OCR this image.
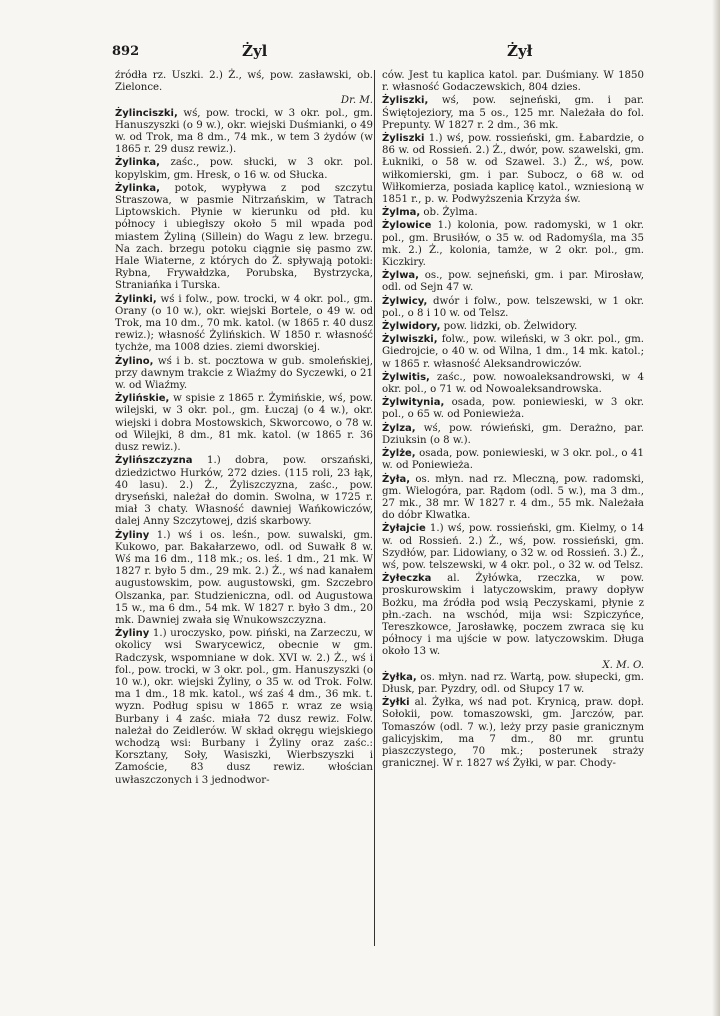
892	Żyl	Żył
źródła rz. Uszki. 2.) Ż., wś, pow. zasławski, ob. Zielonce.
Dr. M.
Żylinciszki, wś, pow. trocki, w 3 okr. pol., gm. Hanuszyszki (o 9 w.), okr. wiejski Duśmianki, o 49 w. od Trok, ma 8 dm., 74 mk., w tem 3 żydów (w 1865 r. 29 dusz rewiz.).
Żylinka, zaśc., pow. słucki, w 3 okr. pol. kopylskim, gm. Hresk, o 16 w. od Słucka.
Żylinka, potok, wypływa z pod szczytu Straszowa, w pasmie Nitrzańskim, w Tatrach Liptowskich. Płynie w kierunku od płd. ku północy i ubiegłszy około 5 mil wpada pod miastem Żyliną (Sillein) do Wagu z lew. brzegu. Na zach. brzegu potoku ciągnie się pasmo zw. Hale Wiaterne, z których do Ż. spływają potoki: Rybna, Frywałdzka, Porubska, Bystrzycka, Straniańka i Turska.
Żylinki, wś i folw., pow. trocki, w 4 okr. pol., gm. Orany (o 10 w.), okr. wiejski Bortele, o 49 w. od Trok, ma 10 dm., 70 mk. katol. (w 1865 r. 40 dusz rewiz.); własność Żylińskich. W 1850 r. własność tychże, ma 1008 dzies. ziemi dworskiej.
Żylino, wś i b. st. pocztowa w gub. smoleńskiej, przy dawnym trakcie z Wiaźmy do Syczewki, o 21 w. od Wiaźmy.
Żylińskie, w spisie z 1865 r. Żymińskie, wś, pow. wilejski, w 3 okr. pol., gm. Łuczaj (o 4 w.), okr. wiejski i dobra Mostowskich, Skworcowo, o 78 w. od Wilejki, 8 dm., 81 mk. katol. (w 1865 r. 36 dusz rewiz.).
Żylińszczyzna 1.) dobra, pow. orszański, dziedzictwo Hurków, 272 dzies. (115 roli, 23 łąk, 40 lasu). 2.) Ż., Żyliszczyzna, zaśc., pow. dryseński, należał do domin. Swolna, w 1725 r. miał 3 chaty. Własność dawniej Wańkowiczów, dalej Anny Szczytowej, dziś skarbowy.
Żyliny 1.) wś i os. leśn., pow. suwalski, gm. Kukowo, par. Bakałarzewo, odl. od Suwałk 8 w. Wś ma 16 dm., 118 mk.; os. leś. 1 dm., 21 mk. W 1827 r. było 5 dm., 29 mk. 2.) Ż., wś nad kanałem augustowskim, pow. augustowski, gm. Szczebro Olszanka, par. Studzieniczna, odl. od Augustowa 15 w., ma 6 dm., 54 mk. W 1827 r. było 3 dm., 20 mk. Dawniej zwała się Wnukowszczyzna.
Żyliny 1.) uroczysko, pow. piński, na Zarzeczu, w okolicy wsi Swarycewicz, obecnie w gm. Radczysk, wspomniane w dok. XVI w. 2.) Ż., wś i fol., pow. trocki, w 3 okr. pol., gm. Hanuszyszki (o 10 w.), okr. wiejski Żyliny, o 35 w. od Trok. Folw. ma 1 dm., 18 mk. katol., wś zaś 4 dm., 36 mk. t. wyzn. Podług spisu w 1865 r. wraz ze wsią Burbany i 4 zaśc. miała 72 dusz rewiz. Folw. należał do Zeidlerów. W skład okręgu wiejskiego wchodzą wsi: Burbany i Żyliny oraz zaśc.: Korsztany, Soły, Wasiszki, Wierbszyszki i Zamoście, 83 dusz rewiz. włościan uwłaszczonych i 3 jednodwor-
ców. Jest tu kaplica katol. par. Duśmiany. W 1850 r. własność Godaczewskich, 804 dzies.
Żyliszki, wś, pow. sejneński, gm. i par. Świętojeziory, ma 5 os., 125 mr. Należała do fol. Prepunty. W 1827 r. 2 dm., 36 mk.
Żyliszki 1.) wś, pow. rossieński, gm. Łabardzie, o 86 w. od Rossień. 2.) Ż., dwór, pow. szawelski, gm. Łukniki, o 58 w. od Szawel. 3.) Ż., wś, pow. wiłkomierski, gm. i par. Subocz, o 68 w. od Wiłkomierza, posiada kaplicę katol., wzniesioną w 1851 r., p. w. Podwyższenia Krzyża św.
Żylma, ob. Żylma.
Żylowice 1.) kolonia, pow. radomyski, w 1 okr. pol., gm. Brusiłów, o 35 w. od Radomyśla, ma 35 mk. 2.) Ż., kolonia, tamże, w 2 okr. pol., gm. Kiczkiry.
Żylwa, os., pow. sejneński, gm. i par. Mirosław, odl. od Sejn 47 w.
Żylwicy, dwór i folw., pow. telszewski, w 1 okr. pol., o 8 i 10 w. od Telsz.
Żylwidory, pow. lidzki, ob. Żelwidory.
Żylwiszki, folw., pow. wileński, w 3 okr. pol., gm. Giedrojcie, o 40 w. od Wilna, 1 dm., 14 mk. katol.; w 1865 r. własność Aleksandrowiczów.
Żylwitis, zaśc., pow. nowoaleksandrowski, w 4 okr. pol., o 71 w. od Nowoaleksandrowska.
Żylwitynia, osada, pow. poniewieski, w 3 okr. pol., o 65 w. od Poniewieża.
Żylza, wś, pow. rówieński, gm. Derażno, par. Dziuksin (o 8 w.).
Żylże, osada, pow. poniewieski, w 3 okr. pol., o 41 w. od Poniewieża.
Żyła, os. młyn. nad rz. Mleczną, pow. radomski, gm. Wielogóra, par. Rądom (odl. 5 w.), ma 3 dm., 27 mk., 38 mr. W 1827 r. 4 dm., 55 mk. Należała do dóbr Klwatka.
Żyłajcie 1.) wś, pow. rossieński, gm. Kielmy, o 14 w. od Rossień. 2.) Ż., wś, pow. rossieński, gm. Szydłów, par. Lidowiany, o 32 w. od Rossień. 3.) Ż., wś, pow. telszewski, w 4 okr. pol., o 32 w. od Telsz.
Żyłeczka al. Żyłówka, rzeczka, w pow. proskurowskim i latyczowskim, prawy dopływ Bożku, ma źródła pod wsią Peczyskami, płynie z płn.-zach. na wschód, mija wsi: Szpiczyńce, Tereszkowce, Jarosławkę, poczem zwraca się ku północy i ma ujście w pow. latyczowskim. Długa około 13 w.
X. M. O.
Żyłka, os. młyn. nad rz. Wartą, pow. słupecki, gm. Dłusk, par. Pyzdry, odl. od Słupcy 17 w.
Żyłki al. Żyłka, wś nad pot. Krynicą, praw. dopł. Sołokii, pow. tomaszowski, gm. Jarczów, par. Tomaszów (odl. 7 w.), leży przy pasie granicznym galicyjskim, ma 7 dm., 80 mr. gruntu piaszczystego, 70 mk.; posterunek straży granicznej. W r. 1827 wś Żyłki, w par. Chody-
